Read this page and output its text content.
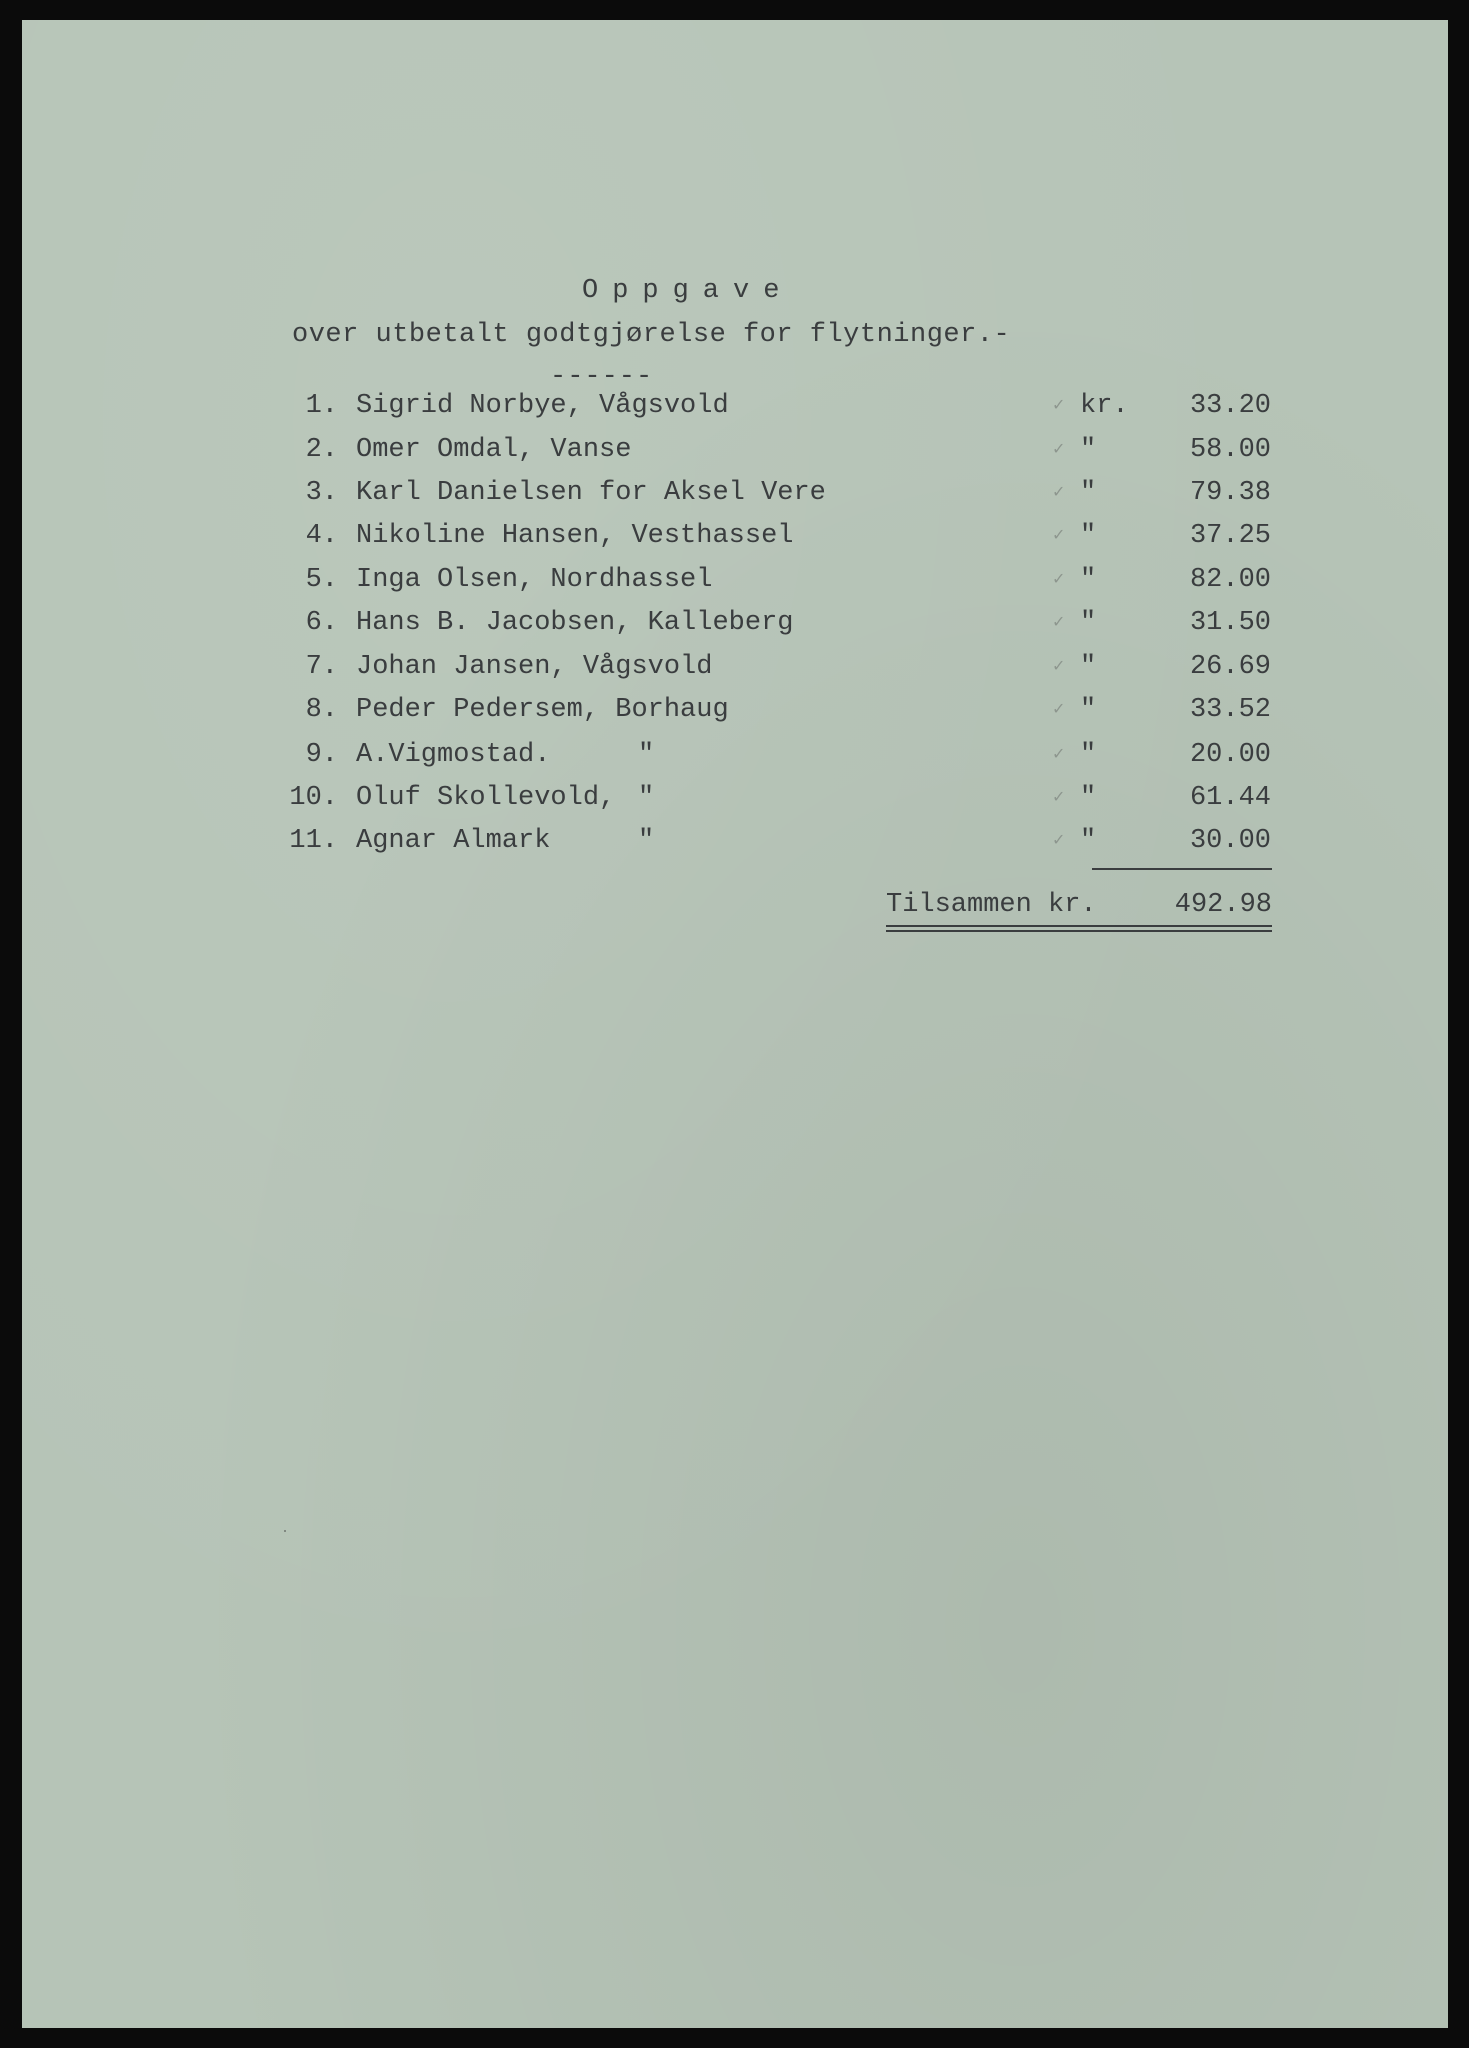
Oppgave
over utbetalt godtgjørelse for flytninger.-
------
1. Sigrid Norbye, Vågsvold	✓ kr. 33.20
2. Omer Omdal, Vanse	✓ "	58.00
3. Karl Danielsen for Aksel Vere	✓ "	79.38
4. Nikoline Hansen, Vesthassel	✓ "	37.25
5. Inga Olsen, Nordhassel	✓ "	82.00
6. Hans B. Jacobsen, Kalleberg	✓ "	31.50
7. Johan Jansen, Vågsvold	✓ "	26.69
8. Peder Pedersem, Borhaug	✓ "	33.52
9. A.Vigmostad.	"	✓ "	20.00
10. Oluf Skollevold, "	✓ "	61.44
11. Agnar Almark	"	✓ "	30.00
Tilsammen kr.	492.98
